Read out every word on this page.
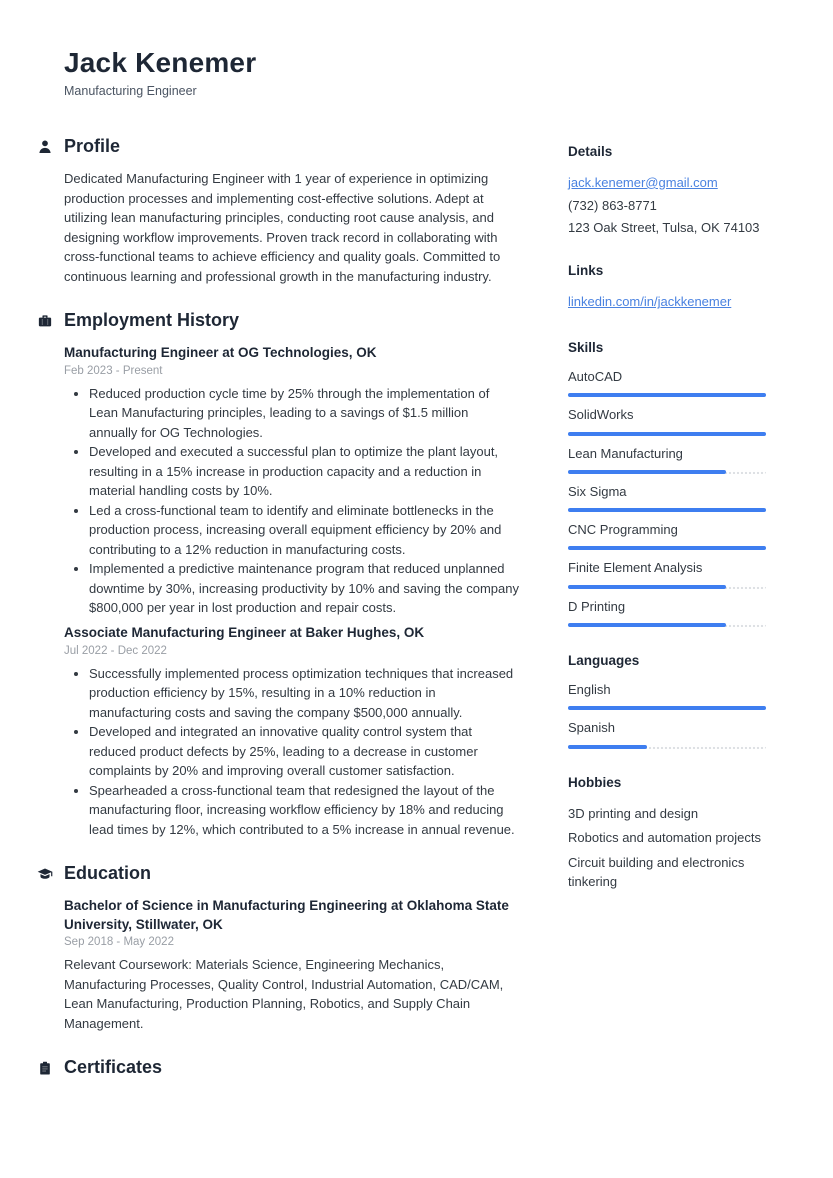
Jack Kenemer
Manufacturing Engineer
Profile

Dedicated Manufacturing Engineer with 1 year of experience in optimizing production processes and implementing cost-effective solutions. Adept at utilizing lean manufacturing principles, conducting root cause analysis, and designing workflow improvements. Proven track record in collaborating with cross-functional teams to achieve efficiency and quality goals. Committed to continuous learning and professional growth in the manufacturing industry.

Employment History
Manufacturing Engineer at OG Technologies, OK
Feb 2023 - Present
• Reduced production cycle time by 25% through the implementation of Lean Manufacturing principles, leading to a savings of $1.5 million annually for OG Technologies.
• Developed and executed a successful plan to optimize the plant layout, resulting in a 15% increase in production capacity and a reduction in material handling costs by 10%.
• Led a cross-functional team to identify and eliminate bottlenecks in the production process, increasing overall equipment efficiency by 20% and contributing to a 12% reduction in manufacturing costs.
• Implemented a predictive maintenance program that reduced unplanned downtime by 30%, increasing productivity by 10% and saving the company $800,000 per year in lost production and repair costs.
Associate Manufacturing Engineer at Baker Hughes, OK
Jul 2022 - Dec 2022
• Successfully implemented process optimization techniques that increased production efficiency by 15%, resulting in a 10% reduction in manufacturing costs and saving the company $500,000 annually.
• Developed and integrated an innovative quality control system that reduced product defects by 25%, leading to a decrease in customer complaints by 20% and improving overall customer satisfaction.
• Spearheaded a cross-functional team that redesigned the layout of the manufacturing floor, increasing workflow efficiency by 18% and reducing lead times by 12%, which contributed to a 5% increase in annual revenue.
Education
Bachelor of Science in Manufacturing Engineering at Oklahoma State University, Stillwater, OK
Sep 2018 - May 2022

Relevant Coursework: Materials Science, Engineering Mechanics, Manufacturing Processes, Quality Control, Industrial Automation, CAD/CAM, Lean Manufacturing, Production Planning, Robotics, and Supply Chain Management.

Certificates
Details
jack.kenemer@gmail.com
(732) 863-8771
123 Oak Street, Tulsa, OK 74103
Links
linkedin.com/in/jackkenemer
Skills
AutoCAD
SolidWorks
Lean Manufacturing
Six Sigma
CNC Programming
Finite Element Analysis
D Printing
Languages
English
Spanish
Hobbies
3D printing and design
Robotics and automation projects
Circuit building and electronics tinkering
